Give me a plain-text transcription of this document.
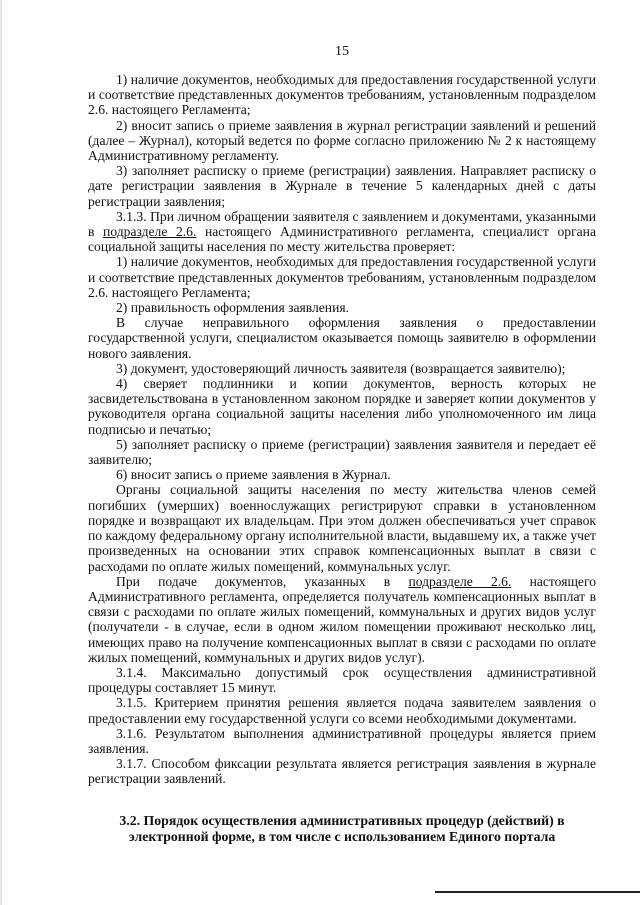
15

1) наличие документов, необходимых для предоставления государственной услуги и соответствие представленных документов требованиям, установленным подразделом 2.6. настоящего Регламента;

2) вносит запись о приеме заявления в журнал регистрации заявлений и решений (далее – Журнал), который ведется по форме согласно приложению № 2 к настоящему Административному регламенту.

3) заполняет расписку о приеме (регистрации) заявления. Направляет расписку о дате регистрации заявления в Журнале в течение 5 календарных дней с даты регистрации заявления;

3.1.3. При личном обращении заявителя с заявлением и документами, указанными в подразделе 2.6. настоящего Административного регламента, специалист органа социальной защиты населения по месту жительства проверяет:

1) наличие документов, необходимых для предоставления государственной услуги и соответствие представленных документов требованиям, установленным подразделом 2.6. настоящего Регламента;

2) правильность оформления заявления.

В случае неправильного оформления заявления о предоставлении государственной услуги, специалистом оказывается помощь заявителю в оформлении нового заявления.

3) документ, удостоверяющий личность заявителя (возвращается заявителю);

4) сверяет подлинники и копии документов, верность которых не засвидетельствована в установленном законом порядке и заверяет копии документов у руководителя органа социальной защиты населения либо уполномоченного им лица подписью и печатью;

5) заполняет расписку о приеме (регистрации) заявления заявителя и передает её заявителю;

6) вносит запись о приеме заявления в Журнал.

Органы социальной защиты населения по месту жительства членов семей погибших (умерших) военнослужащих регистрируют справки в установленном порядке и возвращают их владельцам. При этом должен обеспечиваться учет справок по каждому федеральному органу исполнительной власти, выдавшему их, а также учет произведенных на основании этих справок компенсационных выплат в связи с расходами по оплате жилых помещений, коммунальных услуг.

При подаче документов, указанных в подразделе 2.6. настоящего Административного регламента, определяется получатель компенсационных выплат в связи с расходами по оплате жилых помещений, коммунальных и других видов услуг (получатели - в случае, если в одном жилом помещении проживают несколько лиц, имеющих право на получение компенсационных выплат в связи с расходами по оплате жилых помещений, коммунальных и других видов услуг).

3.1.4. Максимально допустимый срок осуществления административной процедуры составляет 15 минут.

3.1.5. Критерием принятия решения является подача заявителем заявления о предоставлении ему государственной услуги со всеми необходимыми документами.

3.1.6. Результатом выполнения административной процедуры является прием заявления.

3.1.7. Способом фиксации результата является регистрация заявления в журнале регистрации заявлений.

3.2. Порядок осуществления административных процедур (действий) в электронной форме, в том числе с использованием Единого портала
